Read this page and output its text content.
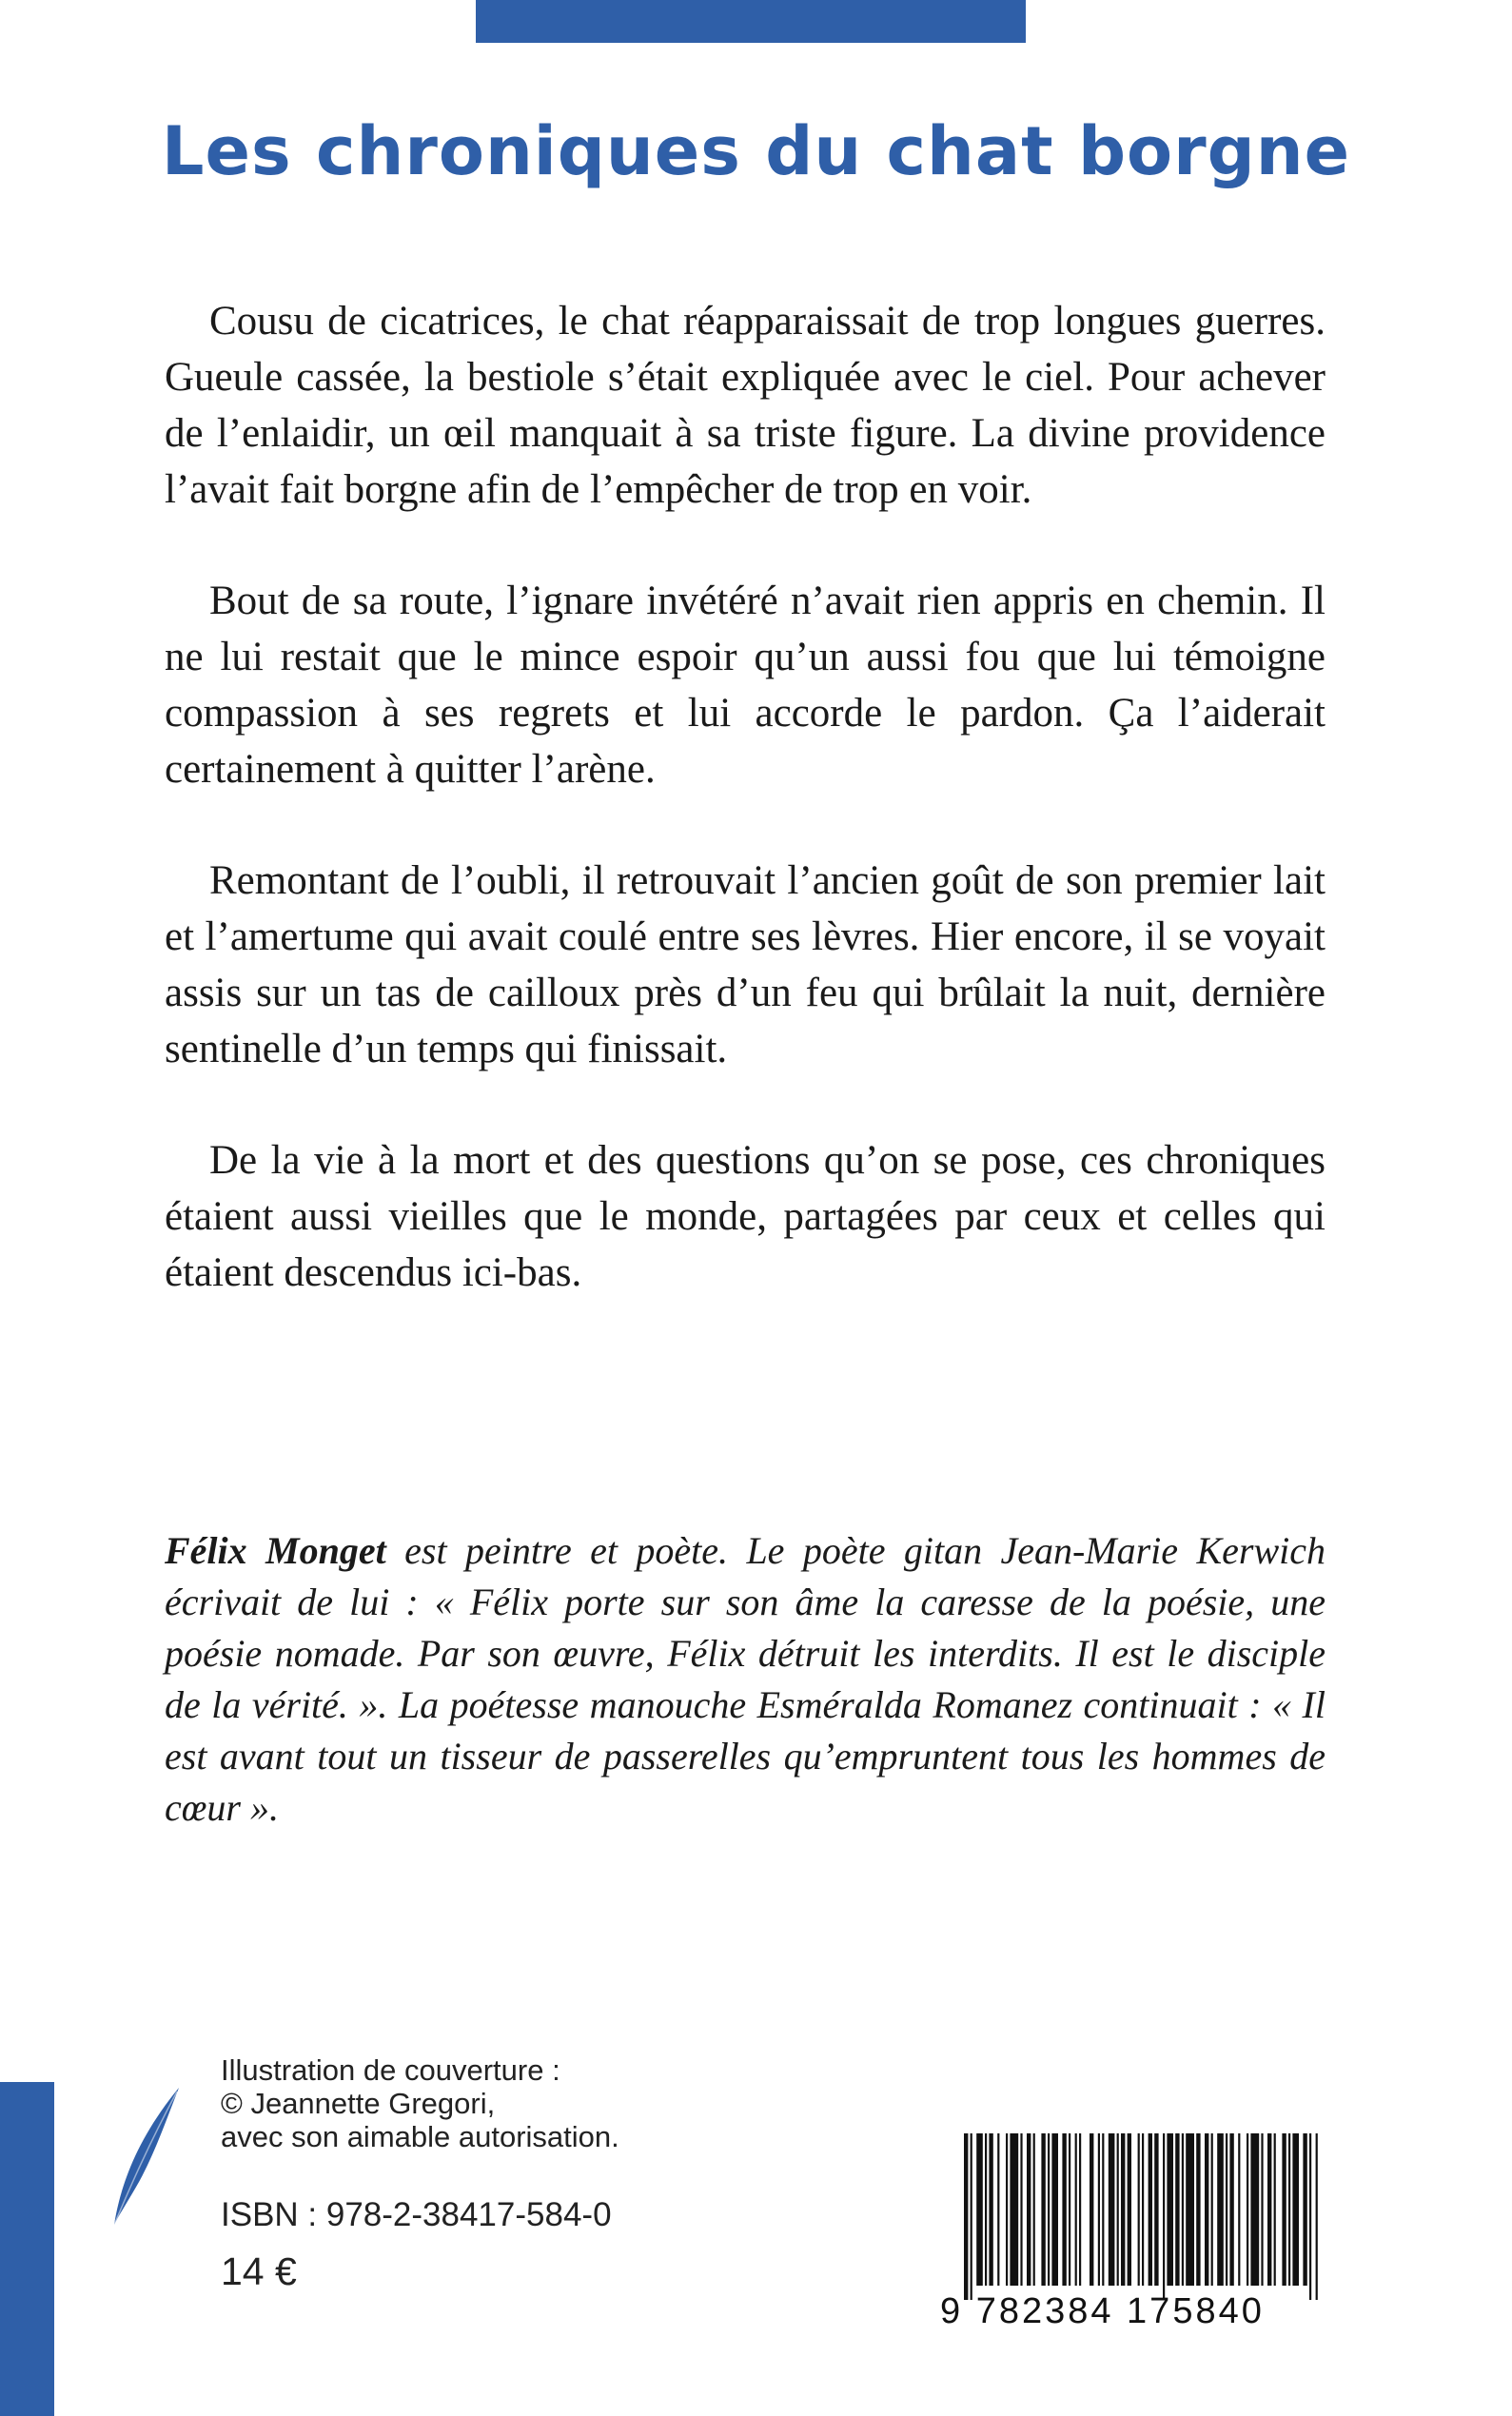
Les chroniques du chat borgne

Cousu de cicatrices, le chat réapparaissait de trop longues guerres. Gueule cassée, la bestiole s’était expliquée avec le ciel. Pour achever de l’enlaidir, un œil manquait à sa triste figure. La divine providence l’avait fait borgne afin de l’empêcher de trop en voir.

Bout de sa route, l’ignare invétéré n’avait rien appris en chemin. Il ne lui restait que le mince espoir qu’un aussi fou que lui témoigne compassion à ses regrets et lui accorde le pardon. Ça l’aiderait certainement à quitter l’arène.

Remontant de l’oubli, il retrouvait l’ancien goût de son premier lait et l’amertume qui avait coulé entre ses lèvres. Hier encore, il se voyait assis sur un tas de cailloux près d’un feu qui brûlait la nuit, dernière sentinelle d’un temps qui finissait.

De la vie à la mort et des questions qu’on se pose, ces chroniques étaient aussi vieilles que le monde, partagées par ceux et celles qui étaient descendus ici-bas.

Félix Monget est peintre et poète. Le poète gitan Jean-Marie Kerwich écrivait de lui : « Félix porte sur son âme la caresse de la poésie, une poésie nomade. Par son œuvre, Félix détruit les interdits. Il est le disciple de la vérité. ». La poétesse manouche Esméralda Romanez continuait : « Il est avant tout un tisseur de passerelles qu’empruntent tous les hommes de cœur ».
Illustration de couverture :
© Jeannette Gregori,
avec son aimable autorisation.
ISBN : 978-2-38417-584-0
14 €
9 782384 175840
